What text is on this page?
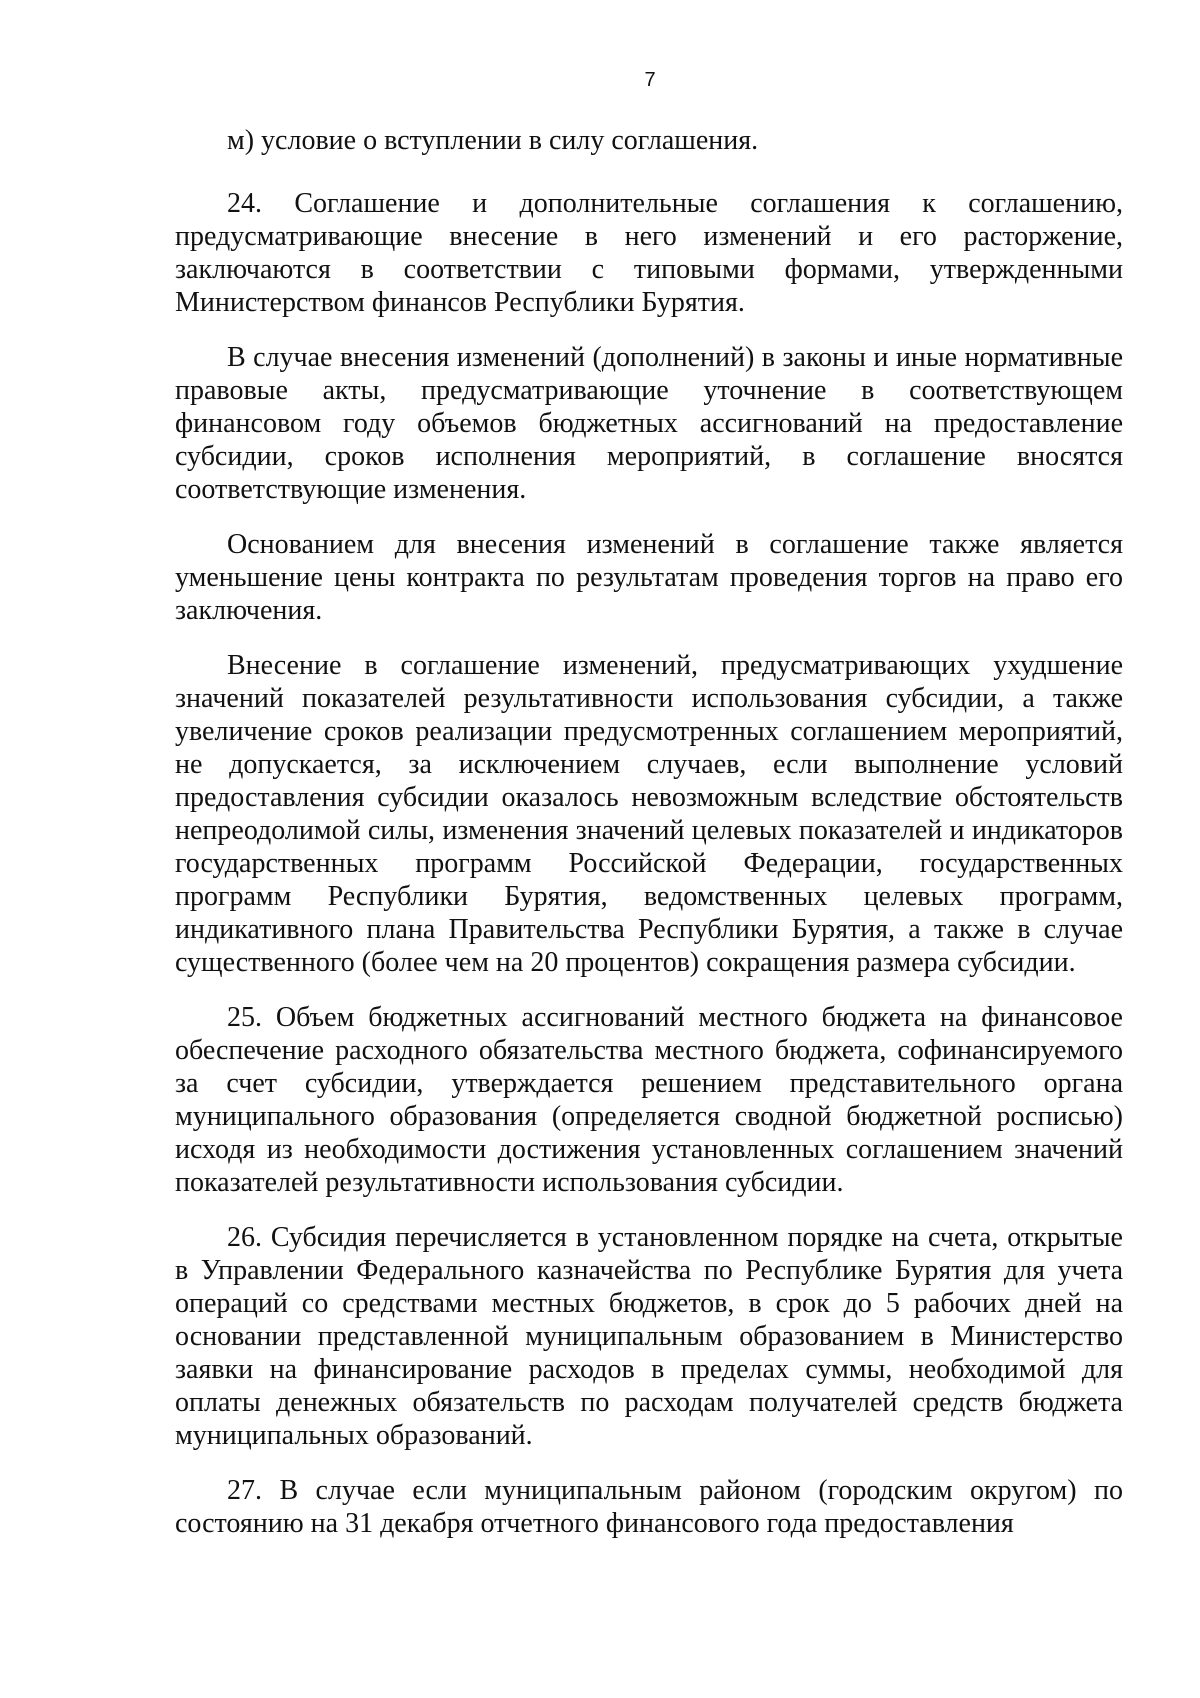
7

м) условие о вступлении в силу соглашения.

24. Соглашение и дополнительные соглашения к соглашению, предусматривающие внесение в него изменений и его расторжение, заключаются в соответствии с типовыми формами, утвержденными Министерством финансов Республики Бурятия.

В случае внесения изменений (дополнений) в законы и иные нормативные правовые акты, предусматривающие уточнение в соответствующем финансовом году объемов бюджетных ассигнований на предоставление субсидии, сроков исполнения мероприятий, в соглашение вносятся соответствующие изменения.

Основанием для внесения изменений в соглашение также является уменьшение цены контракта по результатам проведения торгов на право его заключения.

Внесение в соглашение изменений, предусматривающих ухудшение значений показателей результативности использования субсидии, а также увеличение сроков реализации предусмотренных соглашением мероприятий, не допускается, за исключением случаев, если выполнение условий предоставления субсидии оказалось невозможным вследствие обстоятельств непреодолимой силы, изменения значений целевых показателей и индикаторов государственных программ Российской Федерации, государственных программ Республики Бурятия, ведомственных целевых программ, индикативного плана Правительства Республики Бурятия, а также в случае существенного (более чем на 20 процентов) сокращения размера субсидии.

25. Объем бюджетных ассигнований местного бюджета на финансовое обеспечение расходного обязательства местного бюджета, софинансируемого за счет субсидии, утверждается решением представительного органа муниципального образования (определяется сводной бюджетной росписью) исходя из необходимости достижения установленных соглашением значений показателей результативности использования субсидии.

26. Субсидия перечисляется в установленном порядке на счета, открытые в Управлении Федерального казначейства по Республике Бурятия для учета операций со средствами местных бюджетов, в срок до 5 рабочих дней на основании представленной муниципальным образованием в Министерство заявки на финансирование расходов в пределах суммы, необходимой для оплаты денежных обязательств по расходам получателей средств бюджета муниципальных образований.

27. В случае если муниципальным районом (городским округом) по состоянию на 31 декабря отчетного финансового года предоставления
